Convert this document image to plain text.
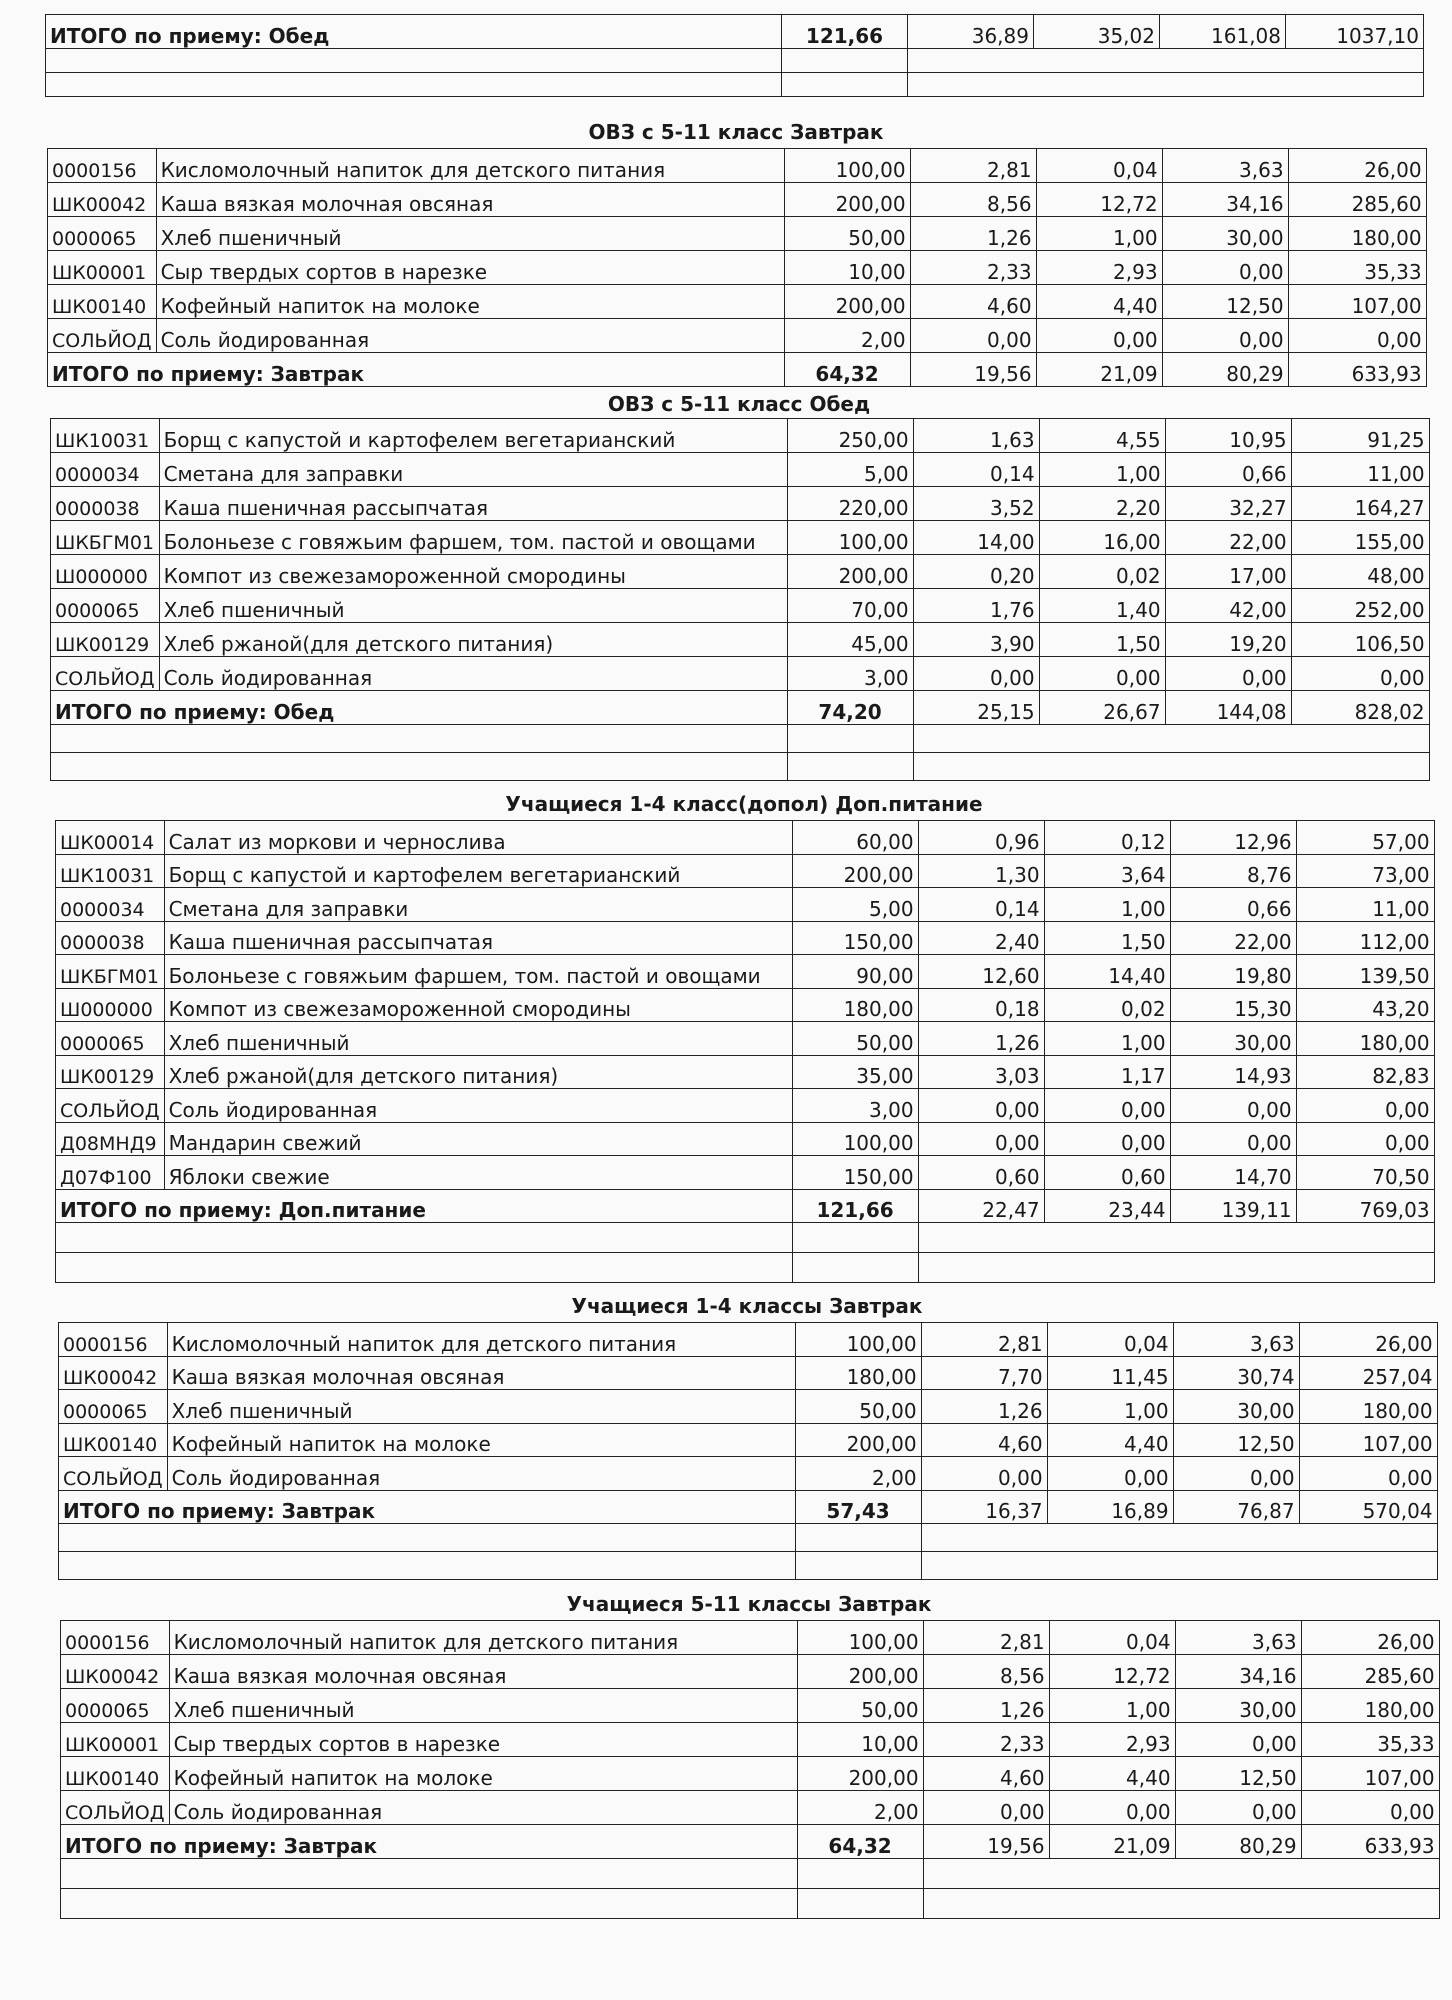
ИТОГО по приему: Обед	121,66	36,89	35,02	161,08	1037,10

ОВЗ с 5-11 класс Завтрак
0000156	Кисломолочный напиток для детского питания	100,00	2,81	0,04	3,63	26,00
ШК00042	Каша вязкая молочная овсяная	200,00	8,56	12,72	34,16	285,60
0000065	Хлеб пшеничный	50,00	1,26	1,00	30,00	180,00
ШК00001	Сыр твердых сортов в нарезке	10,00	2,33	2,93	0,00	35,33
ШК00140	Кофейный напиток на молоке	200,00	4,60	4,40	12,50	107,00
СОЛЬЙОД	Соль йодированная	2,00	0,00	0,00	0,00	0,00
ИТОГО по приему: Завтрак		64,32	19,56	21,09	80,29	633,93
ОВЗ с 5-11 класс Обед
ШК10031	Борщ с капустой и картофелем вегетарианский	250,00	1,63	4,55	10,95	91,25
0000034	Сметана для заправки	5,00	0,14	1,00	0,66	11,00
0000038	Каша пшеничная рассыпчатая	220,00	3,52	2,20	32,27	164,27
ШКБГМ01	Болоньезе с говяжьим фаршем, том. пастой и овощами	100,00	14,00	16,00	22,00	155,00
Ш000000	Компот из свежезамороженной смородины	200,00	0,20	0,02	17,00	48,00
0000065	Хлеб пшеничный	70,00	1,76	1,40	42,00	252,00
ШК00129	Хлеб ржаной(для детского питания)	45,00	3,90	1,50	19,20	106,50
СОЛЬЙОД	Соль йодированная	3,00	0,00	0,00	0,00	0,00
ИТОГО по приему: Обед		74,20	25,15	26,67	144,08	828,02

Учащиеся 1-4 класс(допол) Доп.питание
ШК00014	Салат из моркови и чернослива	60,00	0,96	0,12	12,96	57,00
ШК10031	Борщ с капустой и картофелем вегетарианский	200,00	1,30	3,64	8,76	73,00
0000034	Сметана для заправки	5,00	0,14	1,00	0,66	11,00
0000038	Каша пшеничная рассыпчатая	150,00	2,40	1,50	22,00	112,00
ШКБГМ01	Болоньезе с говяжьим фаршем, том. пастой и овощами	90,00	12,60	14,40	19,80	139,50
Ш000000	Компот из свежезамороженной смородины	180,00	0,18	0,02	15,30	43,20
0000065	Хлеб пшеничный	50,00	1,26	1,00	30,00	180,00
ШК00129	Хлеб ржаной(для детского питания)	35,00	3,03	1,17	14,93	82,83
СОЛЬЙОД	Соль йодированная	3,00	0,00	0,00	0,00	0,00
Д08МНД9	Мандарин свежий	100,00	0,00	0,00	0,00	0,00
Д07Ф100	Яблоки свежие	150,00	0,60	0,60	14,70	70,50
ИТОГО по приему: Доп.питание		121,66	22,47	23,44	139,11	769,03

Учащиеся 1-4 классы Завтрак
0000156	Кисломолочный напиток для детского питания	100,00	2,81	0,04	3,63	26,00
ШК00042	Каша вязкая молочная овсяная	180,00	7,70	11,45	30,74	257,04
0000065	Хлеб пшеничный	50,00	1,26	1,00	30,00	180,00
ШК00140	Кофейный напиток на молоке	200,00	4,60	4,40	12,50	107,00
СОЛЬЙОД	Соль йодированная	2,00	0,00	0,00	0,00	0,00
ИТОГО по приему: Завтрак		57,43	16,37	16,89	76,87	570,04

Учащиеся 5-11 классы Завтрак
0000156	Кисломолочный напиток для детского питания	100,00	2,81	0,04	3,63	26,00
ШК00042	Каша вязкая молочная овсяная	200,00	8,56	12,72	34,16	285,60
0000065	Хлеб пшеничный	50,00	1,26	1,00	30,00	180,00
ШК00001	Сыр твердых сортов в нарезке	10,00	2,33	2,93	0,00	35,33
ШК00140	Кофейный напиток на молоке	200,00	4,60	4,40	12,50	107,00
СОЛЬЙОД	Соль йодированная	2,00	0,00	0,00	0,00	0,00
ИТОГО по приему: Завтрак		64,32	19,56	21,09	80,29	633,93
